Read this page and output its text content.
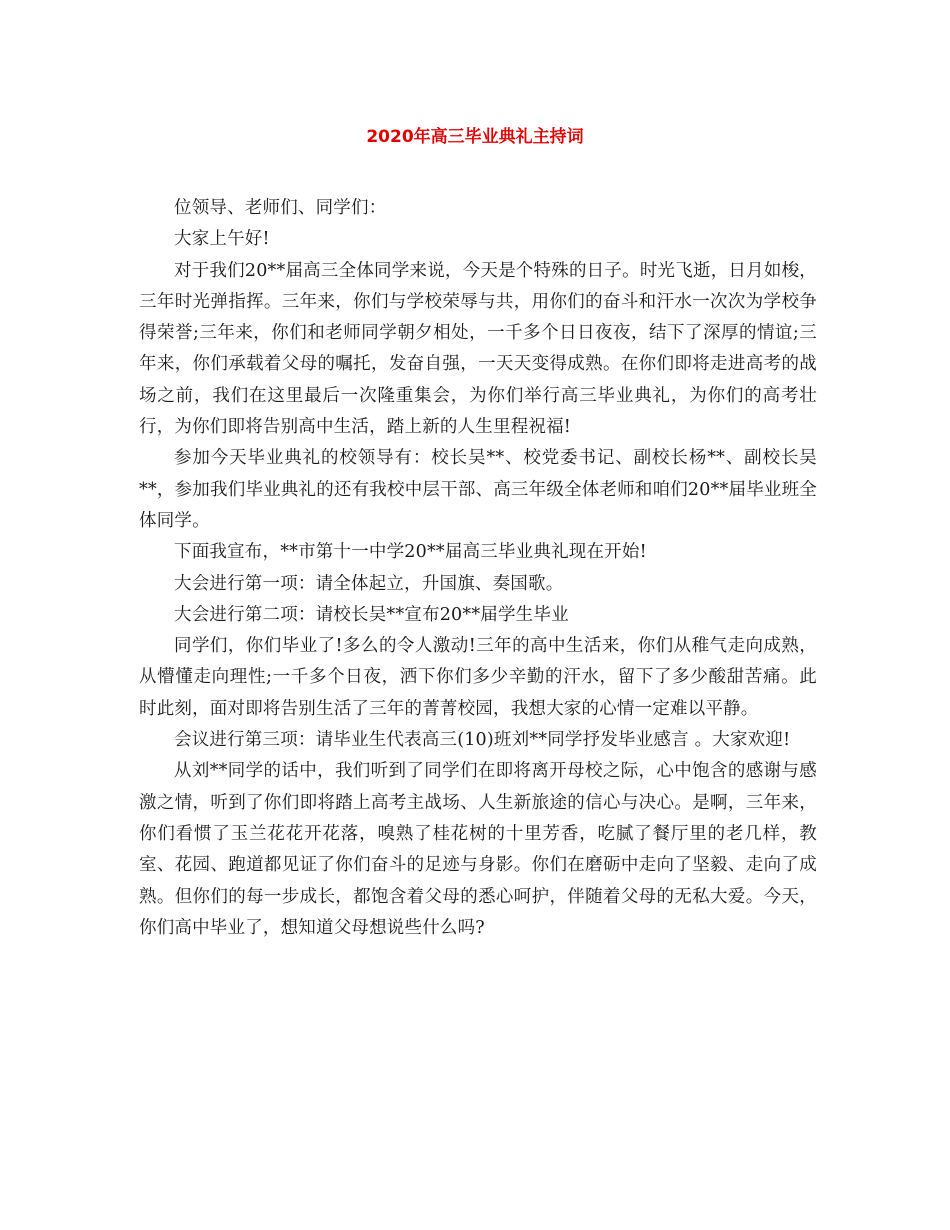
2020年高三毕业典礼主持词

位领导、老师们、同学们：

大家上午好!

对于我们20**届高三全体同学来说，今天是个特殊的日子。时光飞逝，日月如梭，三年时光弹指挥。三年来，你们与学校荣辱与共，用你们的奋斗和汗水一次次为学校争得荣誉;三年来，你们和老师同学朝夕相处，一千多个日日夜夜，结下了深厚的情谊;三年来，你们承载着父母的嘱托，发奋自强，一天天变得成熟。在你们即将走进高考的战场之前，我们在这里最后一次隆重集会，为你们举行高三毕业典礼，为你们的高考壮行，为你们即将告别高中生活，踏上新的人生里程祝福!

参加今天毕业典礼的校领导有：校长吴**、校党委书记、副校长杨**、副校长吴**，参加我们毕业典礼的还有我校中层干部、高三年级全体老师和咱们20**届毕业班全体同学。

下面我宣布，**市第十一中学20**届高三毕业典礼现在开始!

大会进行第一项：请全体起立，升国旗、奏国歌。

大会进行第二项：请校长吴**宣布20**届学生毕业

同学们，你们毕业了!多么的令人激动!三年的高中生活来，你们从稚气走向成熟，从懵懂走向理性;一千多个日夜，洒下你们多少辛勤的汗水，留下了多少酸甜苦痛。此时此刻，面对即将告别生活了三年的菁菁校园，我想大家的心情一定难以平静。

会议进行第三项：请毕业生代表高三(10)班刘**同学抒发毕业感言 。大家欢迎!

从刘**同学的话中，我们听到了同学们在即将离开母校之际，心中饱含的感谢与感激之情，听到了你们即将踏上高考主战场、人生新旅途的信心与决心。是啊，三年来，你们看惯了玉兰花花开花落，嗅熟了桂花树的十里芳香，吃腻了餐厅里的老几样，教室、花园、跑道都见证了你们奋斗的足迹与身影。你们在磨砺中走向了坚毅、走向了成熟。但你们的每一步成长，都饱含着父母的悉心呵护，伴随着父母的无私大爱。今天，你们高中毕业了，想知道父母想说些什么吗?
